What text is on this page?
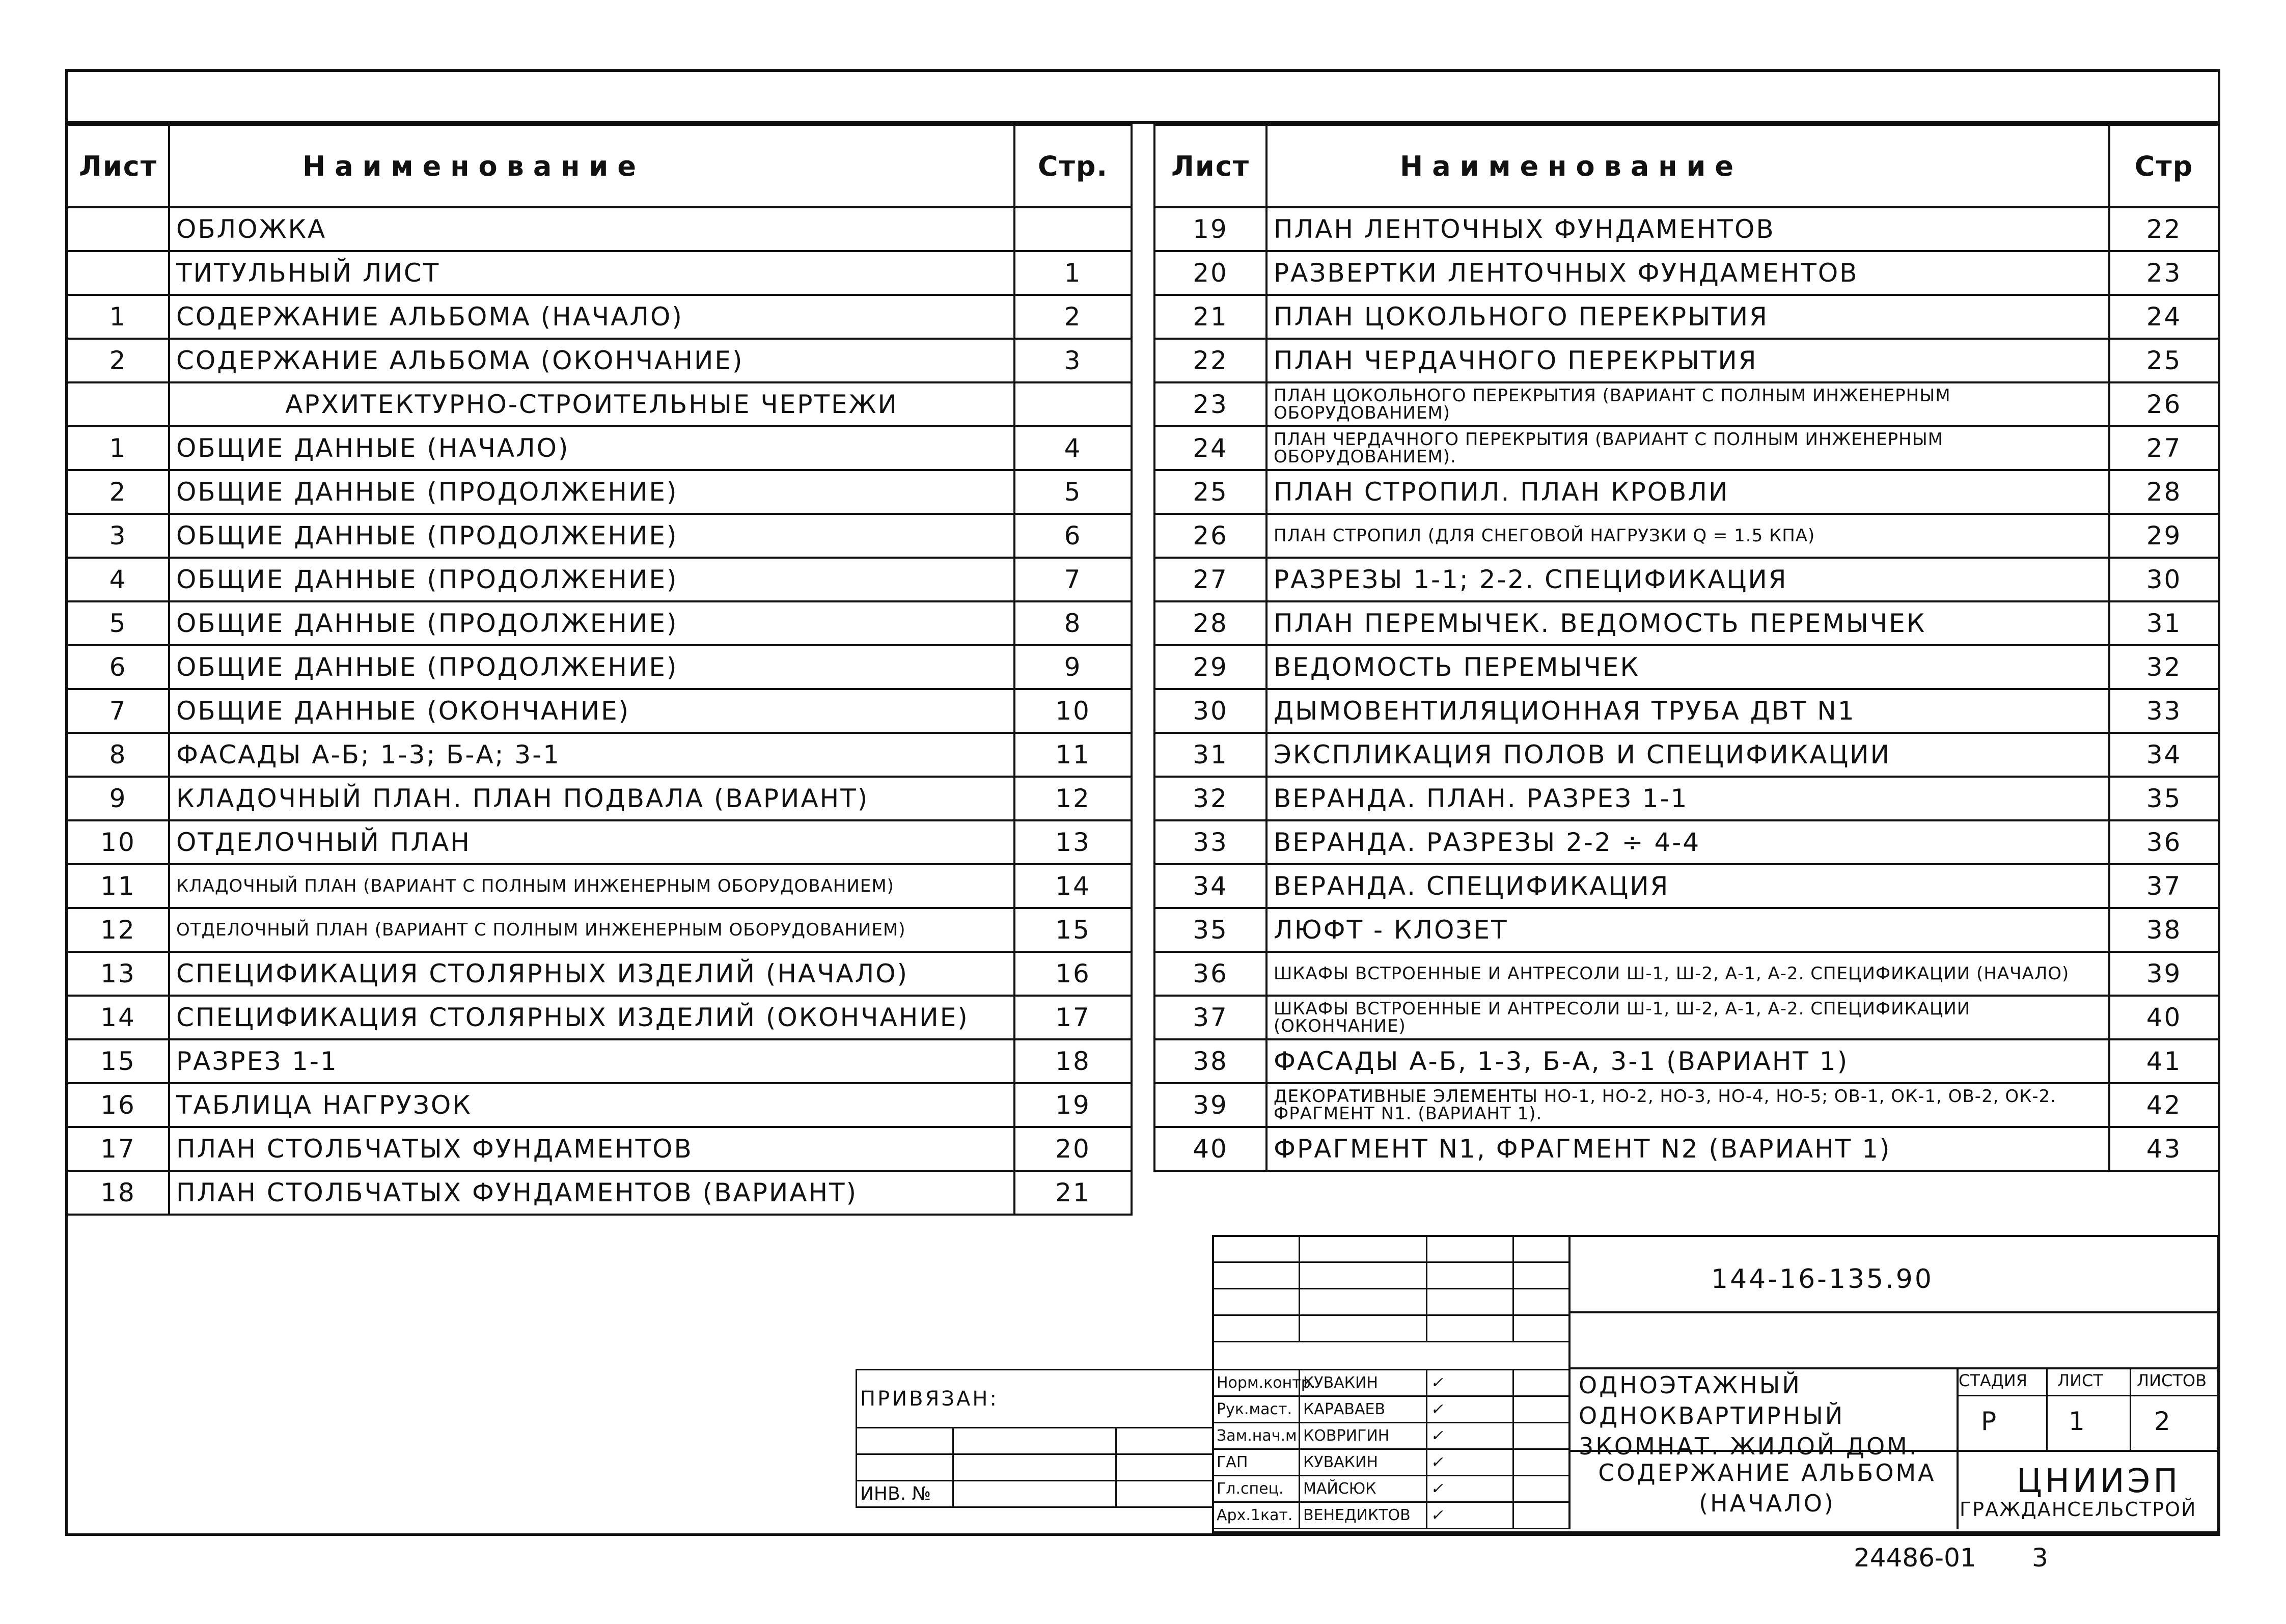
Лист	Наименование	Стр.
	ОБЛОЖКА	
	ТИТУЛЬНЫЙ ЛИСТ	1
1	СОДЕРЖАНИЕ АЛЬБОМА (НАЧАЛО)	2
2	СОДЕРЖАНИЕ АЛЬБОМА (ОКОНЧАНИЕ)	3
	АРХИТЕКТУРНО-СТРОИТЕЛЬНЫЕ ЧЕРТЕЖИ	
1	ОБЩИЕ ДАННЫЕ (НАЧАЛО)	4
2	ОБЩИЕ ДАННЫЕ (ПРОДОЛЖЕНИЕ)	5
3	ОБЩИЕ ДАННЫЕ (ПРОДОЛЖЕНИЕ)	6
4	ОБЩИЕ ДАННЫЕ (ПРОДОЛЖЕНИЕ)	7
5	ОБЩИЕ ДАННЫЕ (ПРОДОЛЖЕНИЕ)	8
6	ОБЩИЕ ДАННЫЕ (ПРОДОЛЖЕНИЕ)	9
7	ОБЩИЕ ДАННЫЕ (ОКОНЧАНИЕ)	10
8	ФАСАДЫ А-Б; 1-3; Б-А; 3-1	11
9	КЛАДОЧНЫЙ ПЛАН. ПЛАН ПОДВАЛА (ВАРИАНТ)	12
10	ОТДЕЛОЧНЫЙ ПЛАН	13
11	КЛАДОЧНЫЙ ПЛАН (ВАРИАНТ С ПОЛНЫМ ИНЖЕНЕРНЫМ ОБОРУДОВАНИЕМ)	14
12	ОТДЕЛОЧНЫЙ ПЛАН (ВАРИАНТ С ПОЛНЫМ ИНЖЕНЕРНЫМ ОБОРУДОВАНИЕМ)	15
13	СПЕЦИФИКАЦИЯ СТОЛЯРНЫХ ИЗДЕЛИЙ (НАЧАЛО)	16
14	СПЕЦИФИКАЦИЯ СТОЛЯРНЫХ ИЗДЕЛИЙ (ОКОНЧАНИЕ)	17
15	РАЗРЕЗ 1-1	18
16	ТАБЛИЦА НАГРУЗОК	19
17	ПЛАН СТОЛБЧАТЫХ ФУНДАМЕНТОВ	20
18	ПЛАН СТОЛБЧАТЫХ ФУНДАМЕНТОВ (ВАРИАНТ)	21
Лист	Наименование	Стр
19	ПЛАН ЛЕНТОЧНЫХ ФУНДАМЕНТОВ	22
20	РАЗВЕРТКИ ЛЕНТОЧНЫХ ФУНДАМЕНТОВ	23
21	ПЛАН ЦОКОЛЬНОГО ПЕРЕКРЫТИЯ	24
22	ПЛАН ЧЕРДАЧНОГО ПЕРЕКРЫТИЯ	25
23	ПЛАН ЦОКОЛЬНОГО ПЕРЕКРЫТИЯ (ВАРИАНТ С ПОЛНЫМ ИНЖЕНЕРНЫМ ОБОРУДОВАНИЕМ)	26
24	ПЛАН ЧЕРДАЧНОГО ПЕРЕКРЫТИЯ (ВАРИАНТ С ПОЛНЫМ ИНЖЕНЕРНЫМ ОБОРУДОВАНИЕМ).	27
25	ПЛАН СТРОПИЛ. ПЛАН КРОВЛИ	28
26	ПЛАН СТРОПИЛ (ДЛЯ СНЕГОВОЙ НАГРУЗКИ Q = 1.5 КПА)	29
27	РАЗРЕЗЫ 1-1; 2-2. СПЕЦИФИКАЦИЯ	30
28	ПЛАН ПЕРЕМЫЧЕК. ВЕДОМОСТЬ ПЕРЕМЫЧЕК	31
29	ВЕДОМОСТЬ ПЕРЕМЫЧЕК	32
30	ДЫМОВЕНТИЛЯЦИОННАЯ ТРУБА ДВТ N1	33
31	ЭКСПЛИКАЦИЯ ПОЛОВ И СПЕЦИФИКАЦИИ	34
32	ВЕРАНДА. ПЛАН. РАЗРЕЗ 1-1	35
33	ВЕРАНДА. РАЗРЕЗЫ 2-2 ÷ 4-4	36
34	ВЕРАНДА. СПЕЦИФИКАЦИЯ	37
35	ЛЮФТ - КЛОЗЕТ	38
36	ШКАФЫ ВСТРОЕННЫЕ И АНТРЕСОЛИ Ш-1, Ш-2, А-1, А-2. СПЕЦИФИКАЦИИ (НАЧАЛО)	39
37	ШКАФЫ ВСТРОЕННЫЕ И АНТРЕСОЛИ Ш-1, Ш-2, А-1, А-2. СПЕЦИФИКАЦИИ (ОКОНЧАНИЕ)	40
38	ФАСАДЫ А-Б, 1-3, Б-А, 3-1 (ВАРИАНТ 1)	41
39	ДЕКОРАТИВНЫЕ ЭЛЕМЕНТЫ НО-1, НО-2, НО-3, НО-4, НО-5; ОВ-1, ОК-1, ОВ-2, ОК-2. ФРАГМЕНТ N1. (ВАРИАНТ 1).	42
40	ФРАГМЕНТ N1, ФРАГМЕНТ N2 (ВАРИАНТ 1)	43

ПРИВЯЗАН:		

ИНВ. №		
Норм.контр.	КУВАКИН	✓	
Рук.маст.	КАРАВАЕВ	✓	
Зам.нач.м.	КОВРИГИН	✓	
ГАП	КУВАКИН	✓	
Гл.спец.	МАЙСЮК	✓	
Арх.1кат.	ВЕНЕДИКТОВ	✓	
144-16-135.90
ОДНОЭТАЖНЫЙ ОДНОКВАРТИРНЫЙ 3КОМНАТ. ЖИЛОЙ ДОМ.
СОДЕРЖАНИЕ АЛЬБОМА (НАЧАЛО)
СТАДИЯ ЛИСТ ЛИСТОВ
Р	1	2
ЦНИИЭП
ГРАЖДАНСЕЛЬСТРОЙ
24486-01 3
